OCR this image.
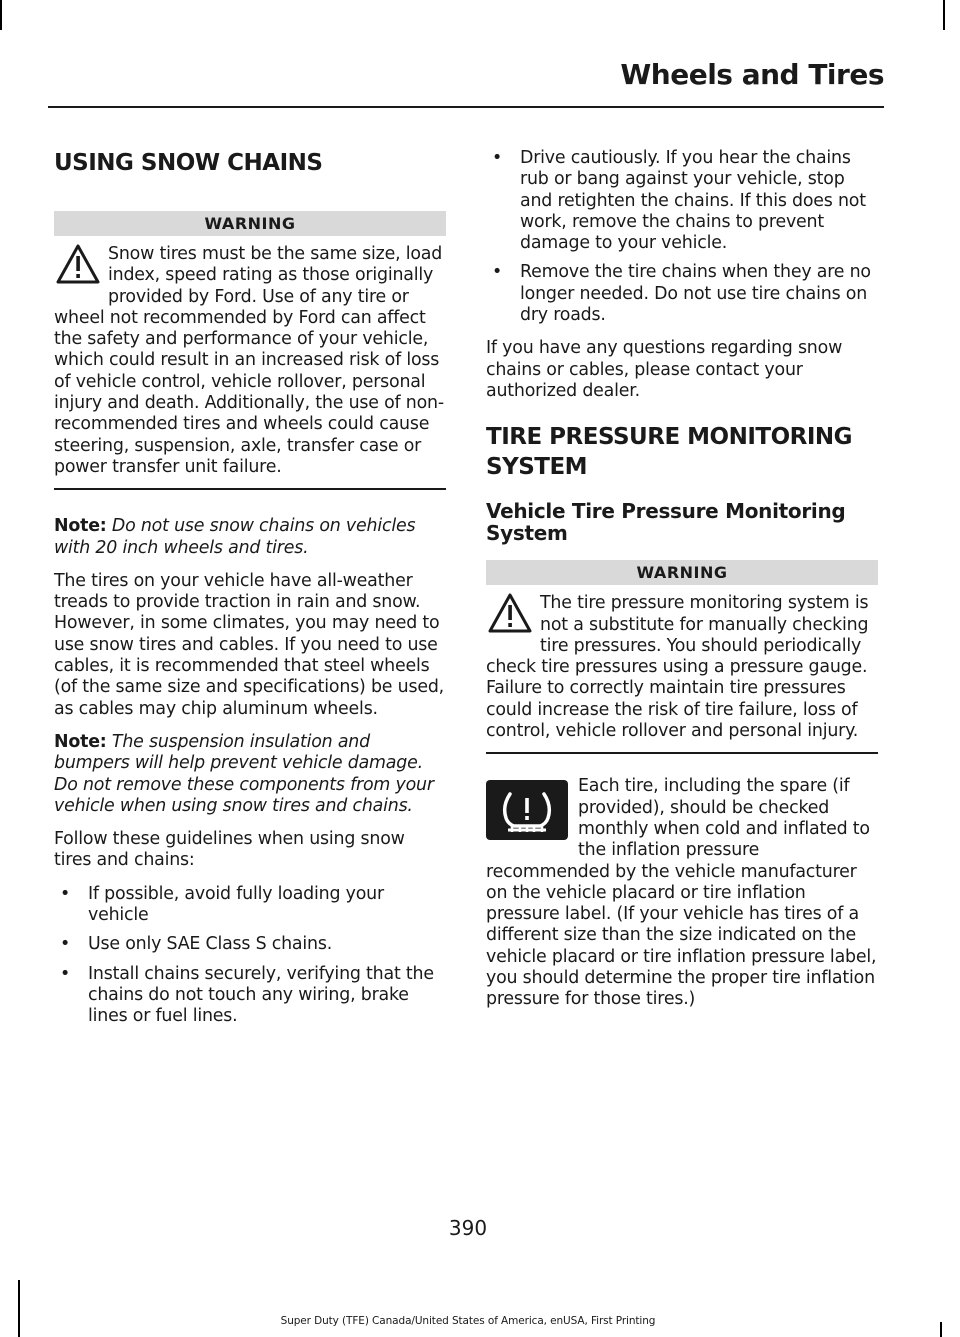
Wheels and Tires
USING SNOW CHAINS
WARNING
Snow tires must be the same size, load index, speed rating as those originally provided by Ford. Use of any tire or wheel not recommended by Ford can affect the safety and performance of your vehicle, which could result in an increased risk of loss of vehicle control, vehicle rollover, personal injury and death. Additionally, the use of non-recommended tires and wheels could cause steering, suspension, axle, transfer case or power transfer unit failure.

Note: Do not use snow chains on vehicles with 20 inch wheels and tires.

The tires on your vehicle have all-weather treads to provide traction in rain and snow. However, in some climates, you may need to use snow tires and cables. If you need to use cables, it is recommended that steel wheels (of the same size and specifications) be used, as cables may chip aluminum wheels.

Note: The suspension insulation and bumpers will help prevent vehicle damage. Do not remove these components from your vehicle when using snow tires and chains.

Follow these guidelines when using snow tires and chains:

• If possible, avoid fully loading your vehicle
• Use only SAE Class S chains.
• Install chains securely, verifying that the chains do not touch any wiring, brake lines or fuel lines.
• Drive cautiously. If you hear the chains rub or bang against your vehicle, stop and retighten the chains. If this does not work, remove the chains to prevent damage to your vehicle.
• Remove the tire chains when they are no longer needed. Do not use tire chains on dry roads.

If you have any questions regarding snow chains or cables, please contact your authorized dealer.

TIRE PRESSURE MONITORING SYSTEM
Vehicle Tire Pressure Monitoring System
WARNING
The tire pressure monitoring system is not a substitute for manually checking tire pressures. You should periodically check tire pressures using a pressure gauge. Failure to correctly maintain tire pressures could increase the risk of tire failure, loss of control, vehicle rollover and personal injury.

Each tire, including the spare (if provided), should be checked monthly when cold and inflated to the inflation pressure recommended by the vehicle manufacturer on the vehicle placard or tire inflation pressure label. (If your vehicle has tires of a different size than the size indicated on the vehicle placard or tire inflation pressure label, you should determine the proper tire inflation pressure for those tires.)

390
Super Duty (TFE) Canada/United States of America, enUSA, First Printing
